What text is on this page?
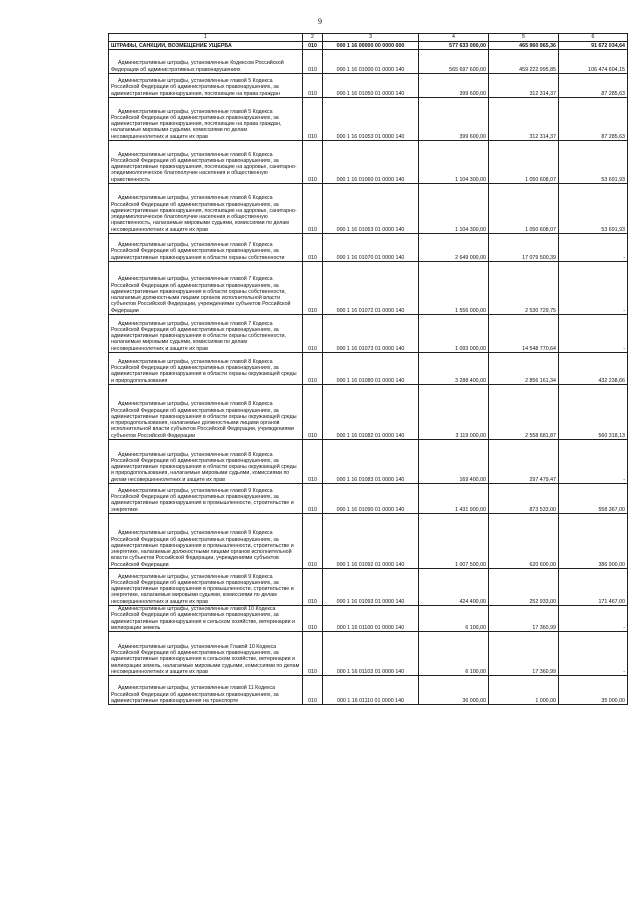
9
1	2	3	4	5	6

ШТРАФЫ, САНКЦИИ, ВОЗМЕЩЕНИЕ УЩЕРБА	010	000 1 16 00000 00 0000 000	577 633 000,00	465 960 965,36	91 672 034,64

Административные штрафы, установленные Кодексом Российской Федерации об административных правонарушениях	010	000 1 16 01000 01 0000 140	565 697 600,00	459 222 995,85	106 474 604,15

Административные штрафы, установленные главой 5 Кодекса Российской Федерации об административных правонарушениях, за административные правонарушения, посягающие на права граждан	010	000 1 16 01050 01 0000 140	399 600,00	312 314,37	87 285,63

Административные штрафы, установленные главой 5 Кодекса Российской Федерации об административных правонарушениях, за административные правонарушения, посягающие на права граждан, налагаемые мировыми судьями, комиссиями по делам несовершеннолетних и защите их прав	010	000 1 16 01053 01 0000 140	399 600,00	312 314,37	87 285,63

Административные штрафы, установленные главой 6 Кодекса Российской Федерации об административных правонарушениях, за административные правонарушения, посягающие на здоровье, санитарно-эпидемиологическое благополучие населения и общественную нравственность	010	000 1 16 01060 01 0000 140	1 104 300,00	1 050 608,07	53 691,93

Административные штрафы, установленные главой 6 Кодекса Российской Федерации об административных правонарушениях, за административные правонарушения, посягающие на здоровье, санитарно-эпидемиологическое благополучие населения и общественную нравственность, налагаемые мировыми судьями, комиссиями по делам несовершеннолетних и защите их прав	010	000 1 16 01063 01 0000 140	1 104 300,00	1 050 608,07	53 691,93

Административные штрафы, установленные главой 7 Кодекса Российской Федерации об административных правонарушениях, за административные правонарушения в области охраны собственности	010	000 1 16 01070 01 0000 140	2 649 000,00	17 079 500,39	-

Административные штрафы, установленные главой 7 Кодекса Российской Федерации об административных правонарушениях, за административные правонарушения в области охраны собственности, налагаемые должностными лицами органов исполнительной власти субъектов Российской Федерации, учреждениями субъектов Российской Федерации	010	000 1 16 01072 01 0000 140	1 556 000,00	2 530 729,75	-

Административные штрафы, установленные главой 7 Кодекса Российской Федерации об административных правонарушениях, за административные правонарушения в области охраны собственности, налагаемые мировыми судьями, комиссиями по делам несовершеннолетних и защите их прав	010	000 1 16 01073 01 0000 140	1 093 000,00	14 548 770,64	-

Административные штрафы, установленные главой 8 Кодекса Российской Федерации об административных правонарушениях, за административные правонарушения в области охраны окружающей среды и природопользования	010	000 1 16 01080 01 0000 140	3 288 400,00	2 856 161,34	432 238,66

Административные штрафы, установленные главой 8 Кодекса Российской Федерации об административных правонарушениях, за административные правонарушения в области охраны окружающей среды и природопользования, налагаемые должностными лицами органов исполнительной власти субъектов Российской Федерации, учреждениями субъектов Российской Федерации	010	000 1 16 01082 01 0000 140	3 119 000,00	2 558 681,87	560 318,13

Административные штрафы, установленные главой 8 Кодекса Российской Федерации об административных правонарушениях, за административные правонарушения в области охраны окружающей среды и природопользования, налагаемые мировыми судьями, комиссиями по делам несовершеннолетних и защите их прав	010	000 1 16 01083 01 0000 140	169 400,00	297 479,47	-

Административные штрафы, установленные главой 9 Кодекса Российской Федерации об административных правонарушениях, за административные правонарушения в промышленности, строительстве и энергетике	010	000 1 16 01090 01 0000 140	1 431 900,00	873 533,00	558 367,00

Административные штрафы, установленные главой 9 Кодекса Российской Федерации об административных правонарушениях, за административные правонарушения в промышленности, строительстве и энергетике, налагаемые должностными лицами органов исполнительной власти субъектов Российской Федерации, учреждениями субъектов Российской Федерации	010	000 1 16 01092 01 0000 140	1 007 500,00	620 600,00	386 900,00

Административные штрафы, установленные главой 9 Кодекса Российской Федерации об административных правонарушениях, за административные правонарушения в промышленности, строительстве и энергетике, налагаемые мировыми судьями, комиссиями по делам несовершеннолетних и защите их прав	010	000 1 16 01093 01 0000 140	424 400,00	252 933,00	171 467,00

Административные штрафы, установленные главой 10 Кодекса Российской Федерации об административных правонарушениях, за административные правонарушения в сельском хозяйстве, ветеринарии и мелиорации земель	010	000 1 16 01100 01 0000 140	6 100,00	17 360,99	-

Административные штрафы, установленные Главой 10 Кодекса Российской Федерации об административных правонарушениях, за административные правонарушения в сельском хозяйстве, ветеринарии и мелиорации земель, налагаемые мировыми судьями, комиссиями по делам несовершеннолетних и защите их прав	010	000 1 16 01103 01 0000 140	6 100,00	17 360,99	-

Административные штрафы, установленные главой 11 Кодекса Российской Федерации об административных правонарушениях, за административные правонарушения на транспорте	010	000 1 16 01110 01 0000 140	36 000,00	1 000,00	35 000,00
